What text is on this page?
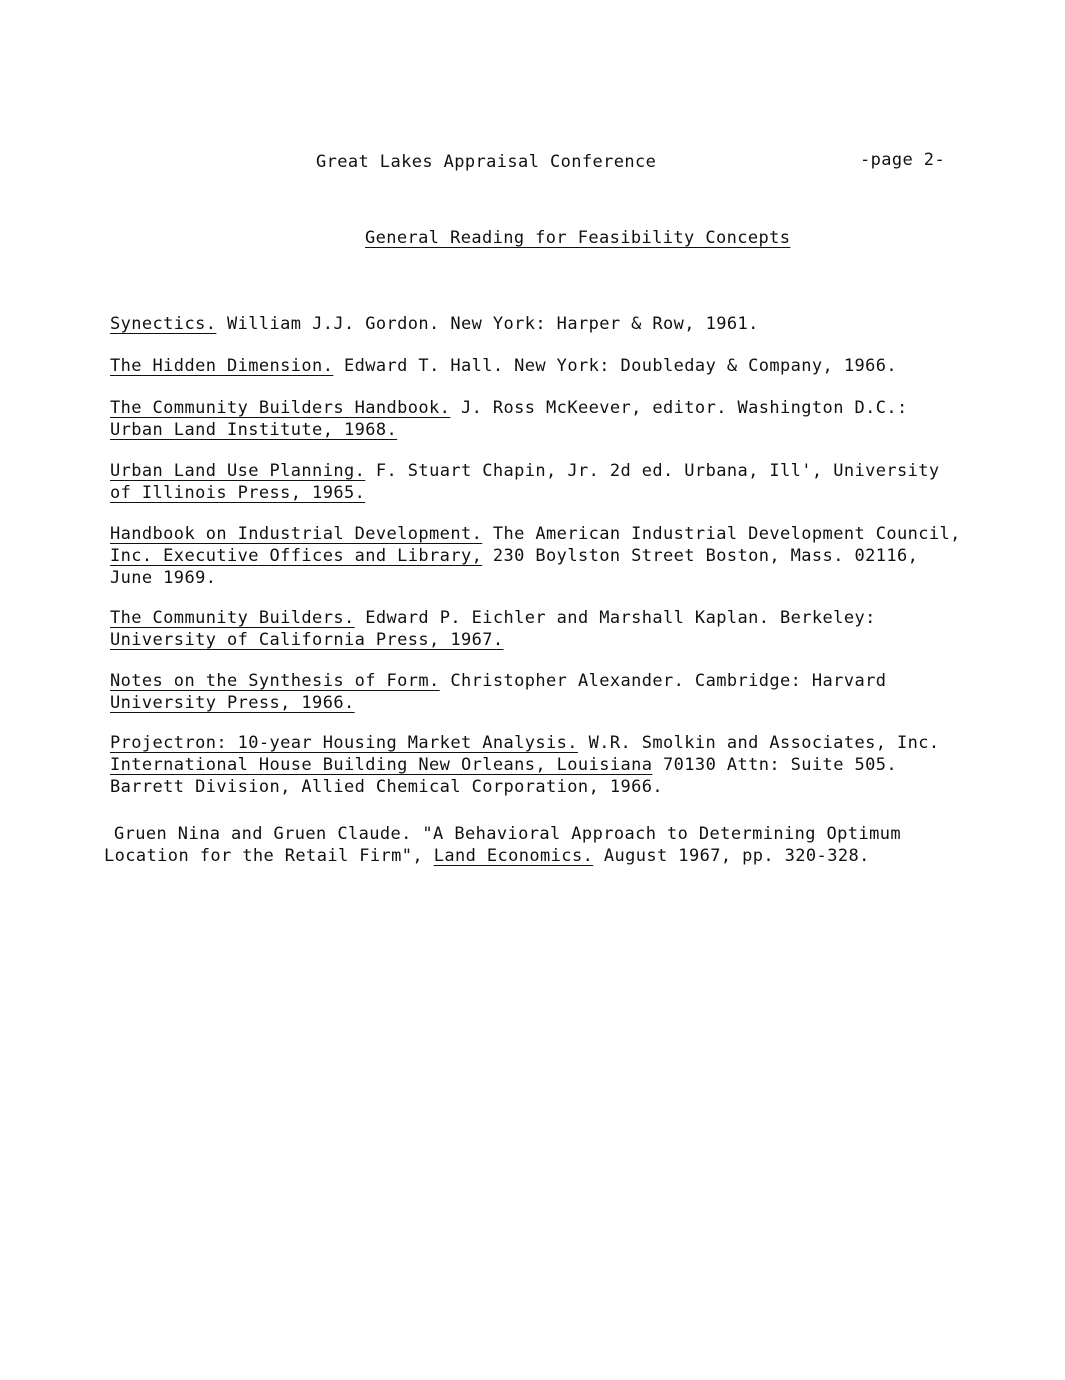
Great Lakes Appraisal Conference	-page 2-
General Reading for Feasibility Concepts
Synectics. William J.J. Gordon. New York: Harper & Row, 1961.
The Hidden Dimension. Edward T. Hall. New York: Doubleday & Company, 1966.
The Community Builders Handbook. J. Ross McKeever, editor. Washington D.C.:
Urban Land Institute, 1968.
Urban Land Use Planning. F. Stuart Chapin, Jr. 2d ed. Urbana, Ill', University
of Illinois Press, 1965.
Handbook on Industrial Development. The American Industrial Development Council,
Inc. Executive Offices and Library, 230 Boylston Street Boston, Mass. 02116,
June 1969.
The Community Builders. Edward P. Eichler and Marshall Kaplan. Berkeley:
University of California Press, 1967.
Notes on the Synthesis of Form. Christopher Alexander. Cambridge: Harvard
University Press, 1966.
Projectron: 10-year Housing Market Analysis. W.R. Smolkin and Associates, Inc.
International House Building New Orleans, Louisiana 70130 Attn: Suite 505.
Barrett Division, Allied Chemical Corporation, 1966.
Gruen Nina and Gruen Claude. "A Behavioral Approach to Determining Optimum
Location for the Retail Firm", Land Economics. August 1967, pp. 320-328.
